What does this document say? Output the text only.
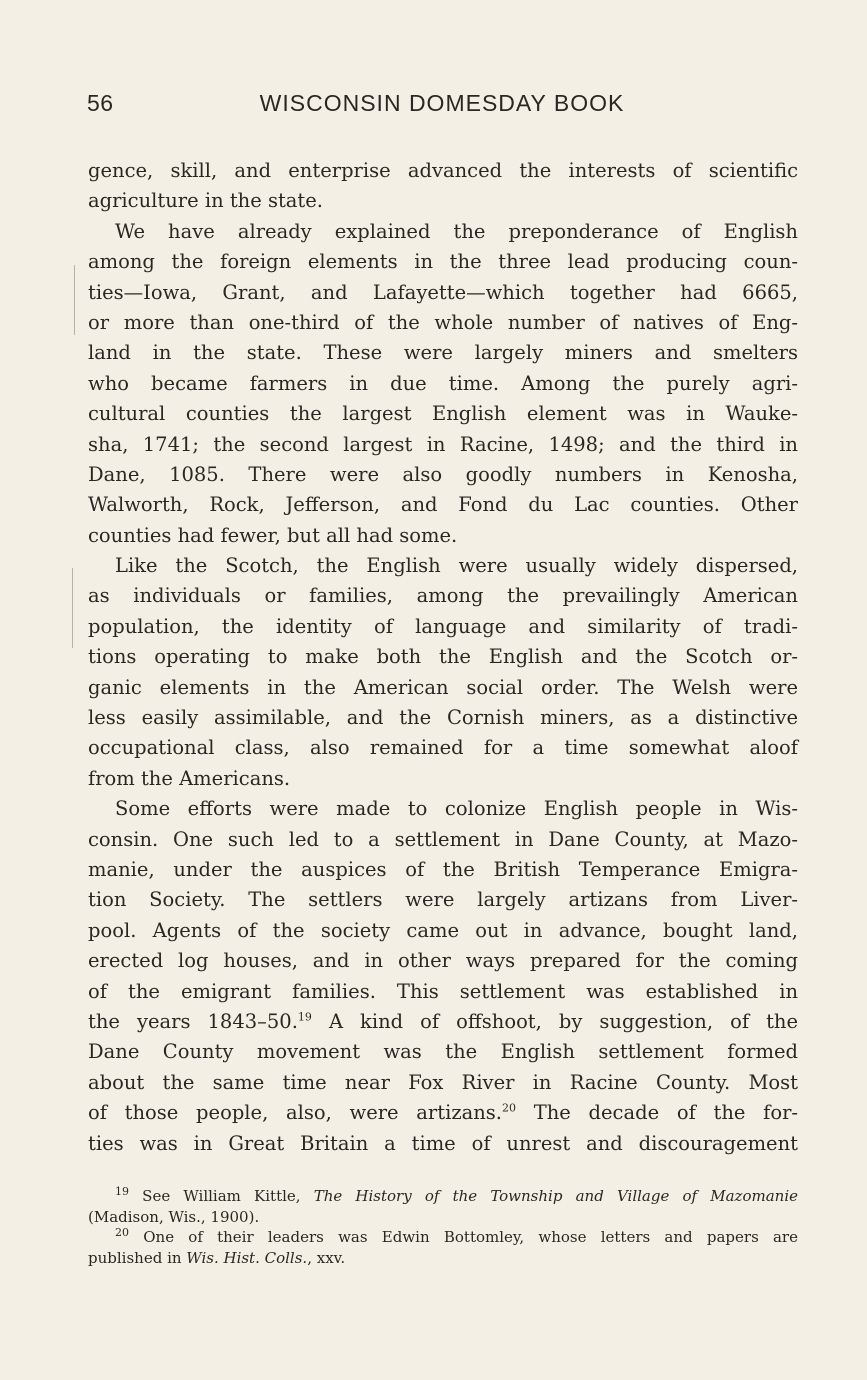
56	WISCONSIN DOMESDAY BOOK
gence, skill, and enterprise advanced the interests of scientific
agriculture in the state.
We have already explained the preponderance of English
among the foreign elements in the three lead producing coun-
ties—Iowa, Grant, and Lafayette—which together had 6665,
or more than one-third of the whole number of natives of Eng-
land in the state. These were largely miners and smelters
who became farmers in due time. Among the purely agri-
cultural counties the largest English element was in Wauke-
sha, 1741; the second largest in Racine, 1498; and the third in
Dane, 1085. There were also goodly numbers in Kenosha,
Walworth, Rock, Jefferson, and Fond du Lac counties. Other
counties had fewer, but all had some.
Like the Scotch, the English were usually widely dispersed,
as individuals or families, among the prevailingly American
population, the identity of language and similarity of tradi-
tions operating to make both the English and the Scotch or-
ganic elements in the American social order. The Welsh were
less easily assimilable, and the Cornish miners, as a distinctive
occupational class, also remained for a time somewhat aloof
from the Americans.
Some efforts were made to colonize English people in Wis-
consin. One such led to a settlement in Dane County, at Mazo-
manie, under the auspices of the British Temperance Emigra-
tion Society. The settlers were largely artizans from Liver-
pool. Agents of the society came out in advance, bought land,
erected log houses, and in other ways prepared for the coming
of the emigrant families. This settlement was established in
the years 1843–50.19 A kind of offshoot, by suggestion, of the
Dane County movement was the English settlement formed
about the same time near Fox River in Racine County. Most
of those people, also, were artizans.$^{20}$ The decade of the for-
ties was in Great Britain a time of unrest and discouragement
$^{19}$ See William Kittle, The History of the Township and Village of Mazomanie
(Madison, Wis., 1900).
$^{20}$ One of their leaders was Edwin Bottomley, whose letters and papers are
published in Wis. Hist. Colls., xxv.
